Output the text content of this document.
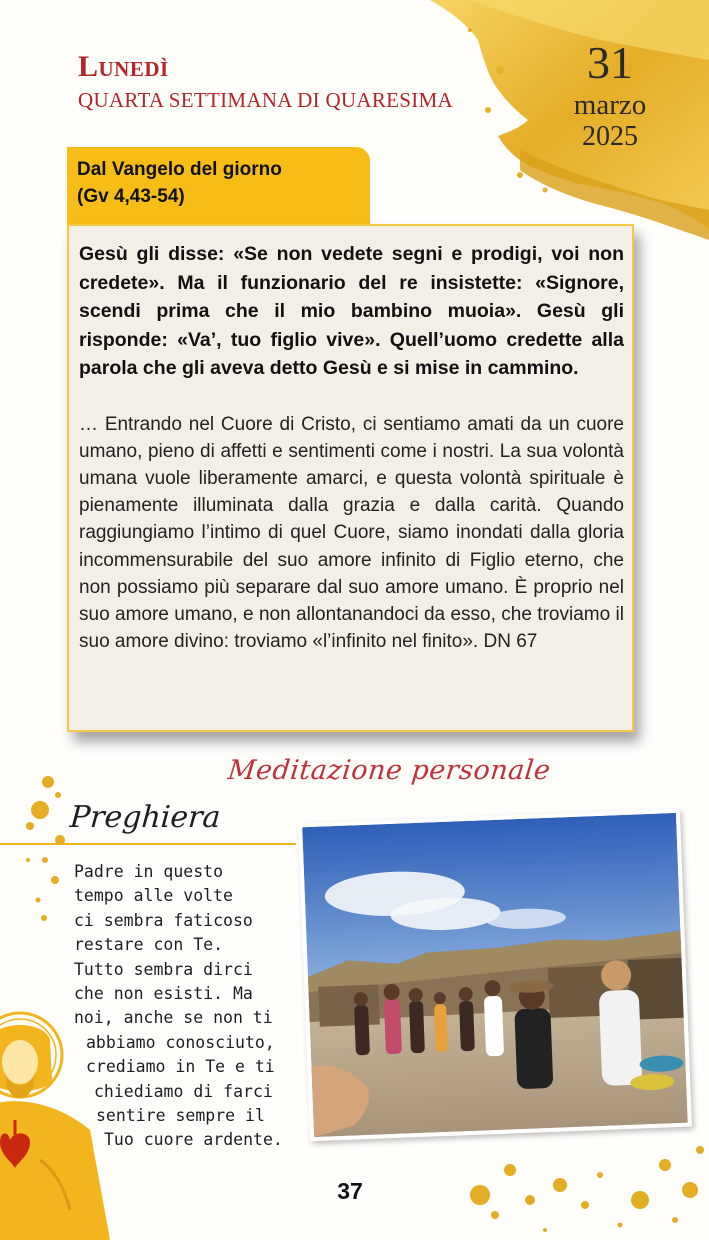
Lunedì
QUARTA SETTIMANA DI QUARESIMA
31
marzo
2025
Dal Vangelo del giorno
(Gv 4,43-54)

Gesù gli disse: «Se non vedete segni e prodigi, voi non credete». Ma il funzionario del re insistette: «Signore, scendi prima che il mio bambino muoia». Gesù gli risponde: «Va’, tuo figlio vive». Quell’uomo credette alla parola che gli aveva detto Gesù e si mise in cammino.

… Entrando nel Cuore di Cristo, ci sentiamo amati da un cuore umano, pieno di affetti e sentimenti come i nostri. La sua volontà umana vuole liberamente amarci, e questa volontà spirituale è pienamente illuminata dalla grazia e dalla carità. Quando raggiungiamo l’intimo di quel Cuore, siamo inondati dalla gloria incommensurabile del suo amore infinito di Figlio eterno, che non possiamo più separare dal suo amore umano. È proprio nel suo amore umano, e non allontanandoci da esso, che troviamo il suo amore divino: troviamo «l’infinito nel finito». DN 67

Meditazione personale
Preghiera
Padre in questo
tempo alle volte
ci sembra faticoso
restare con Te.
Tutto sembra dirci
che non esisti. Ma
noi, anche se non ti
abbiamo conosciuto,
crediamo in Te e ti
chiediamo di farci
sentire sempre il
Tuo cuore ardente.
37
